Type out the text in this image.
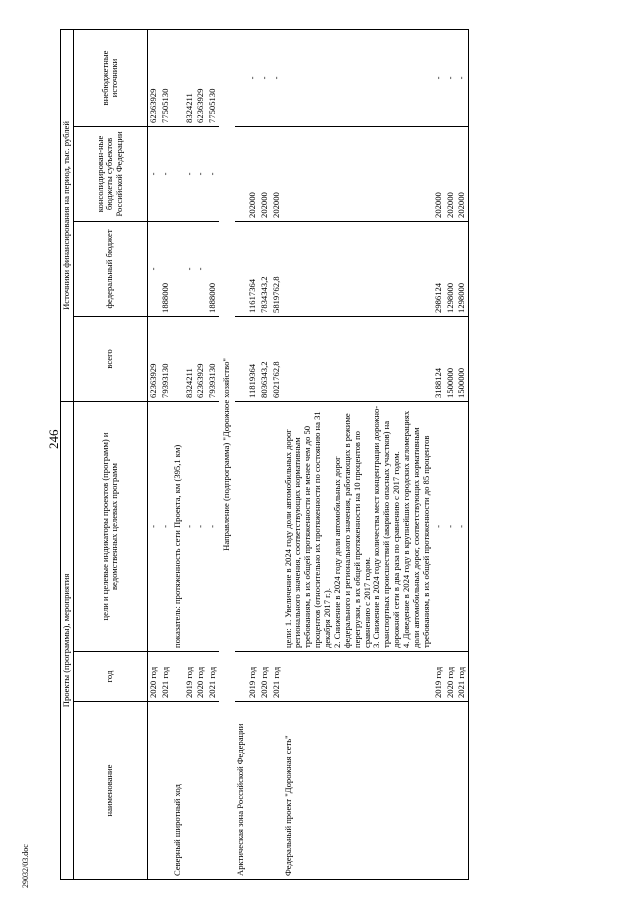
246
Проекты (программы), мероприятия			Источники финансирования на период, тыс. рублей			
наименование	год	цели и целевые индикаторы проектов (программ) и ведомственных целевых программ	всего	федеральный бюджет	консолидирован-ные бюджеты субъектов Российской Федерации	внебюджетные источники
	2020 год	-	62363929	-	-	62363929
	2021 год	-	79393130	1888000	-	77505130
Северный широтный ход		показатель: протяженность сети Проекта, км (395,1 км)				
	2019 год	-	8324211	-	-	8324211
	2020 год	-	62363929	-	-	62363929
	2021 год	-	79393130	1888000	-	77505130
Направление (подпрограмма) "Дорожное хозяйство"						
Арктическая зона Российской Федерации						
	2019 год		11819364	11617364	202000	-
	2020 год		8036343,2	7834343,2	202000	-
	2021 год		6021762,8	5819762,8	202000	-
Федеральный проект "Дорожная сеть"		цели: 1. Увеличение в 2024 году доли автомобильных дорог регионального значения, соответствующих нормативным требованиям, в их общей протяженности не менее чем до 50 процентов (относительно их протяженности по состоянию на 31 декабря 2017 г.).
2. Снижение в 2024 году доли автомобильных дорог федерального и регионального значения, работающих в режиме перегрузки, в их общей протяженности на 10 процентов по сравнению с 2017 годом.
3. Снижение в 2024 году количества мест концентрации дорожно-транспортных происшествий (аварийно опасных участков) на дорожной сети в два раза по сравнению с 2017 годом.
4. Доведение в 2024 году в крупнейших городских агломерациях доли автомобильных дорог, соответствующих нормативным требованиям, в их общей протяженности до 85 процентов				
	2019 год	-	3188124	2986124	202000	-
	2020 год	-	1500000	1298000	202000	-
	2021 год	-	1500000	1298000	202000	-
29032/03.doc
